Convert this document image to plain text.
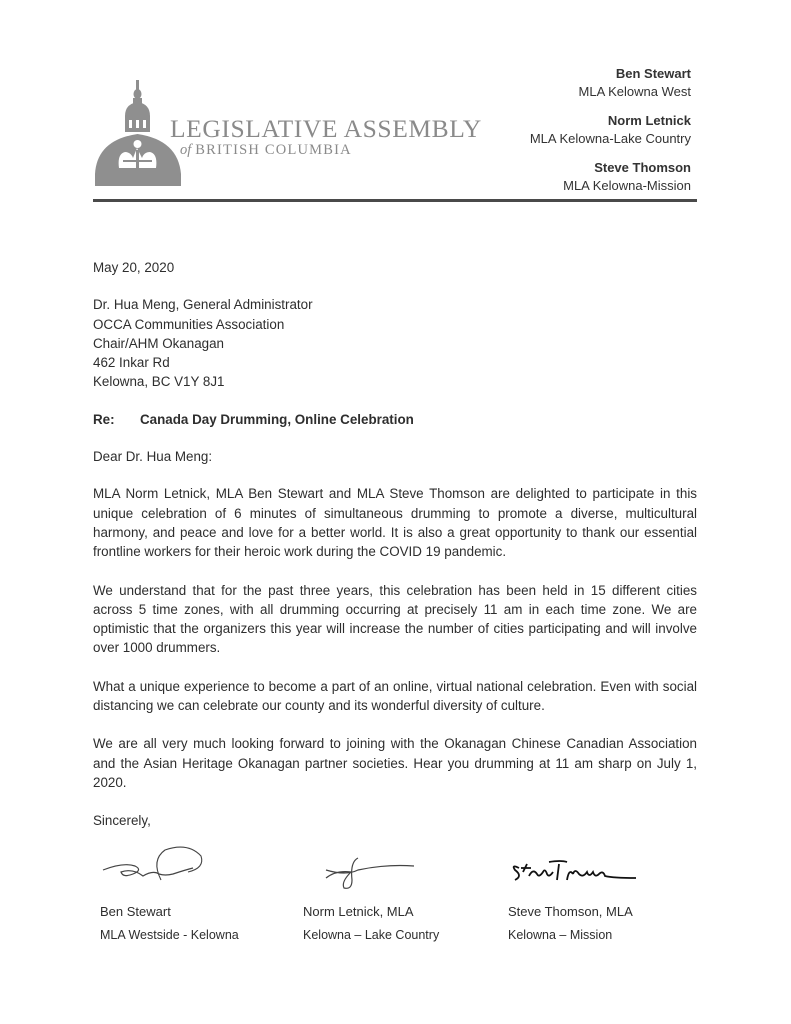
LEGISLATIVE ASSEMBLY
of BRITISH COLUMBIA
Ben Stewart
MLA Kelowna West
Norm Letnick
MLA Kelowna-Lake Country
Steve Thomson
MLA Kelowna-Mission

May 20, 2020

Dr. Hua Meng, General Administrator

OCCA Communities Association

Chair/AHM Okanagan

462 Inkar Rd

Kelowna, BC V1Y 8J1

Re: Canada Day Drumming, Online Celebration

Dear Dr. Hua Meng:

MLA Norm Letnick, MLA Ben Stewart and MLA Steve Thomson are delighted to participate in this unique celebration of 6 minutes of simultaneous drumming to promote a diverse, multicultural harmony, and peace and love for a better world. It is also a great opportunity to thank our essential frontline workers for their heroic work during the COVID 19 pandemic.

We understand that for the past three years, this celebration has been held in 15 different cities across 5 time zones, with all drumming occurring at precisely 11 am in each time zone. We are optimistic that the organizers this year will increase the number of cities participating and will involve over 1000 drummers.

What a unique experience to become a part of an online, virtual national celebration. Even with social distancing we can celebrate our county and its wonderful diversity of culture.

We are all very much looking forward to joining with the Okanagan Chinese Canadian Association and the Asian Heritage Okanagan partner societies. Hear you drumming at 11 am sharp on July 1, 2020.

Sincerely,

Ben Stewart
MLA Westside - Kelowna
Norm Letnick, MLA
Kelowna – Lake Country
Steve Thomson, MLA
Kelowna – Mission
